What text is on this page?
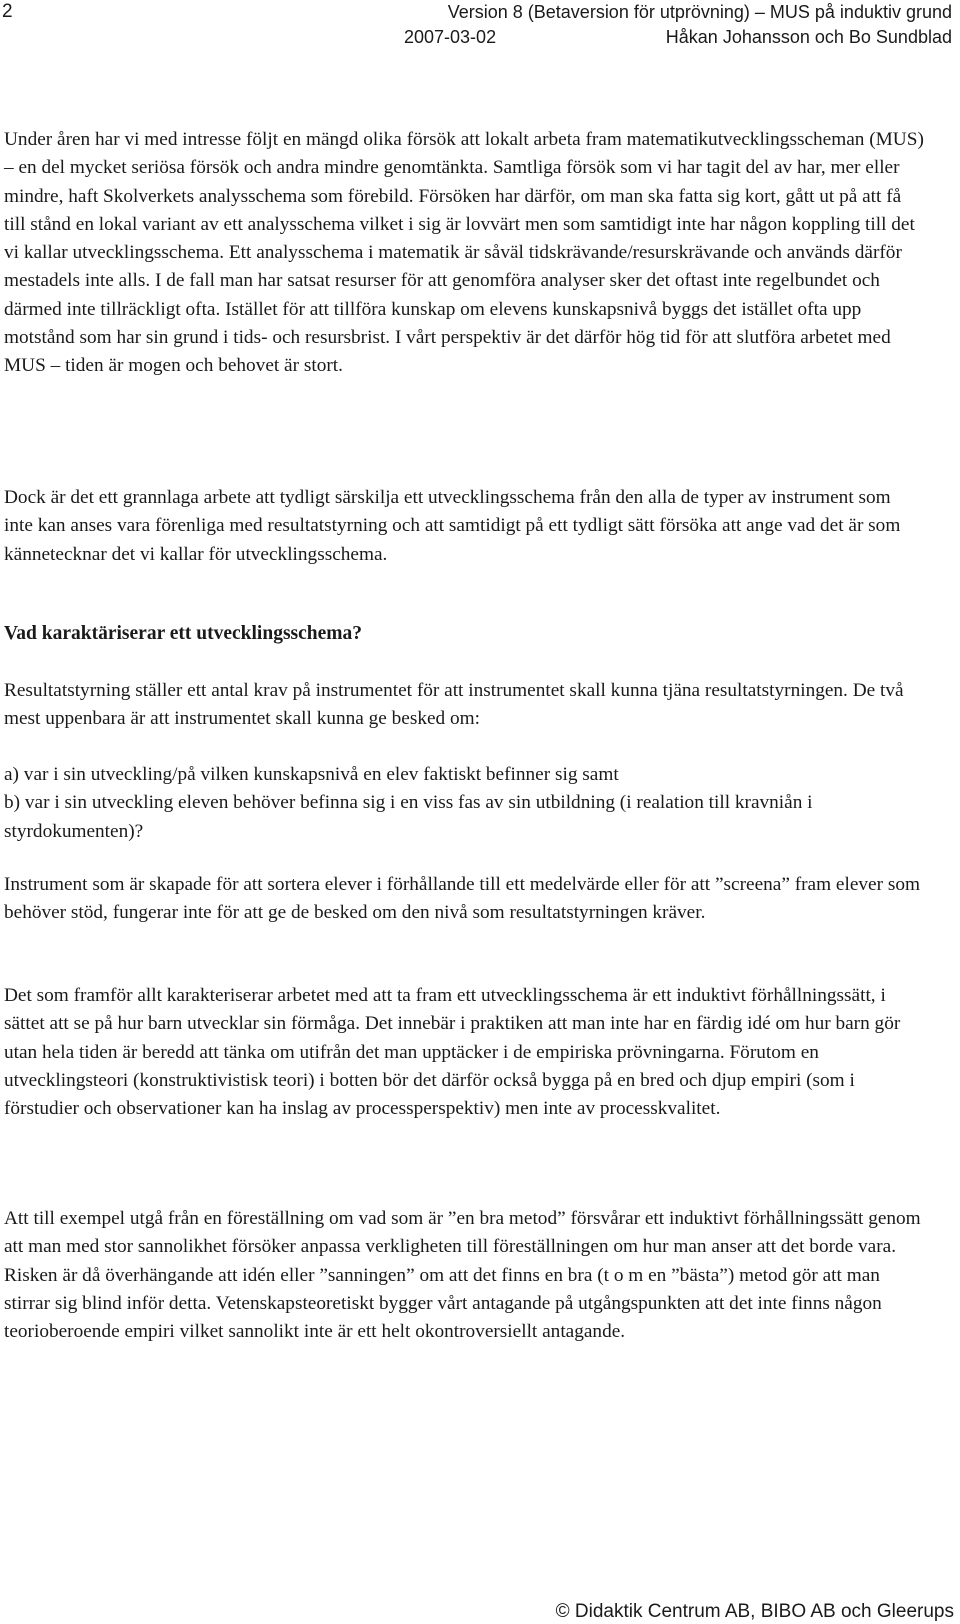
2	Version 8 (Betaversion för utprövning) – MUS på induktiv grund
2007-03-02	Håkan Johansson och Bo Sundblad

Under åren har vi med intresse följt en mängd olika försök att lokalt arbeta fram matematikutvecklingsscheman (MUS) – en del mycket seriösa försök och andra mindre genomtänkta. Samtliga försök som vi har tagit del av har, mer eller mindre, haft Skolverkets analysschema som förebild. Försöken har därför, om man ska fatta sig kort, gått ut på att få till stånd en lokal variant av ett analysschema vilket i sig är lovvärt men som samtidigt inte har någon koppling till det vi kallar utvecklingsschema. Ett analysschema i matematik är såväl tidskrävande/resurskrävande och används därför mestadels inte alls. I de fall man har satsat resurser för att genomföra analyser sker det oftast inte regelbundet och därmed inte tillräckligt ofta. Istället för att tillföra kunskap om elevens kunskapsnivå byggs det istället ofta upp motstånd som har sin grund i tids- och resursbrist. I vårt perspektiv är det därför hög tid för att slutföra arbetet med MUS – tiden är mogen och behovet är stort.

Dock är det ett grannlaga arbete att tydligt särskilja ett utvecklingsschema från den alla de typer av instrument som inte kan anses vara förenliga med resultatstyrning och att samtidigt på ett tydligt sätt försöka att ange vad det är som kännetecknar det vi kallar för utvecklingsschema.

Vad karaktäriserar ett utvecklingsschema?

Resultatstyrning ställer ett antal krav på instrumentet för att instrumentet skall kunna tjäna resultatstyrningen. De två mest uppenbara är att instrumentet skall kunna ge besked om:

a) var i sin utveckling/på vilken kunskapsnivå en elev faktiskt befinner sig samt
b) var i sin utveckling eleven behöver befinna sig i en viss fas av sin utbildning (i realation till kravniån i styrdokumenten)?

Instrument som är skapade för att sortera elever i förhållande till ett medelvärde eller för att ”screena” fram elever som behöver stöd, fungerar inte för att ge de besked om den nivå som resultatstyrningen kräver.

Det som framför allt karakteriserar arbetet med att ta fram ett utvecklingsschema är ett induktivt förhållningssätt, i sättet att se på hur barn utvecklar sin förmåga. Det innebär i praktiken att man inte har en färdig idé om hur barn gör utan hela tiden är beredd att tänka om utifrån det man upptäcker i de empiriska prövningarna. Förutom en utvecklingsteori (konstruktivistisk teori) i botten bör det därför också bygga på en bred och djup empiri (som i förstudier och observationer kan ha inslag av processperspektiv) men inte av processkvalitet.

Att till exempel utgå från en föreställning om vad som är ”en bra metod” försvårar ett induktivt förhållningssätt genom att man med stor sannolikhet försöker anpassa verkligheten till föreställningen om hur man anser att det borde vara. Risken är då överhängande att idén eller ”sanningen” om att det finns en bra (t o m en ”bästa”) metod gör att man stirrar sig blind inför detta. Vetenskapsteoretiskt bygger vårt antagande på utgångspunkten att det inte finns någon teorioberoende empiri vilket sannolikt inte är ett helt okontroversiellt antagande.

© Didaktik Centrum AB, BIBO AB och Gleerups
